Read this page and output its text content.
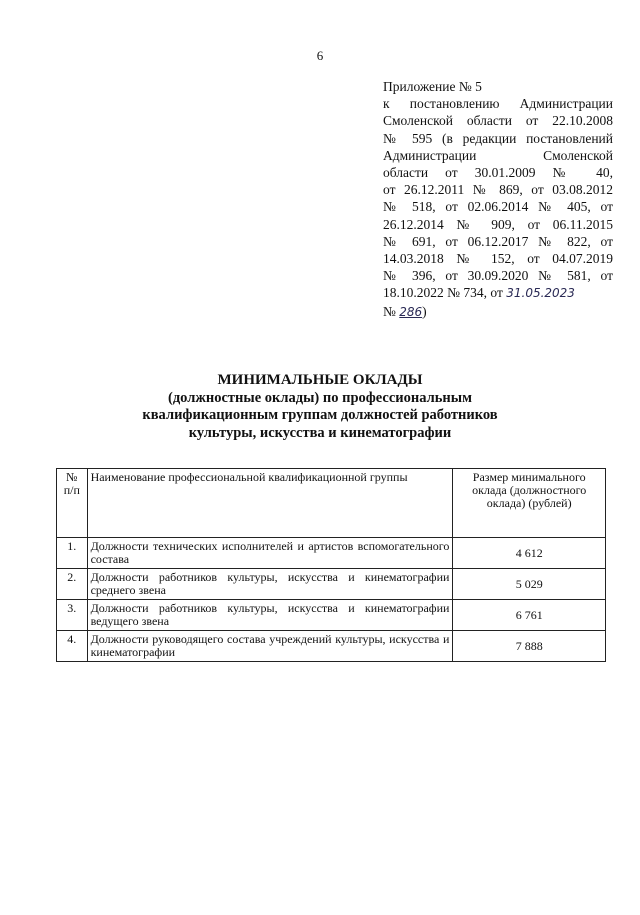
6
Приложение № 5
к постановлению Администрации
Смоленской области от 22.10.2008
№ 595 (в редакции постановлений
Администрации Смоленской
области от 30.01.2009 № 40,
от 26.12.2011 № 869, от 03.08.2012
№ 518, от 02.06.2014 № 405, от
26.12.2014 № 909, от 06.11.2015
№ 691, от 06.12.2017 № 822, от
14.03.2018 № 152, от 04.07.2019
№ 396, от 30.09.2020 № 581, от
18.10.2022 № 734, от 31.05.2023
№ 286)
МИНИМАЛЬНЫЕ ОКЛАДЫ
(должностные оклады) по профессиональным
квалификационным группам должностей работников
культуры, искусства и кинематографии
№ п/п	Наименование профессиональной квалификационной группы	Размер минимального оклада (должностного оклада) (рублей)
1.	Должности технических исполнителей и артистов вспомогательного состава	4 612
2.	Должности работников культуры, искусства и кинематографии среднего звена	5 029
3.	Должности работников культуры, искусства и кинематографии ведущего звена	6 761
4.	Должности руководящего состава учреждений культуры, искусства и кинематографии	7 888
